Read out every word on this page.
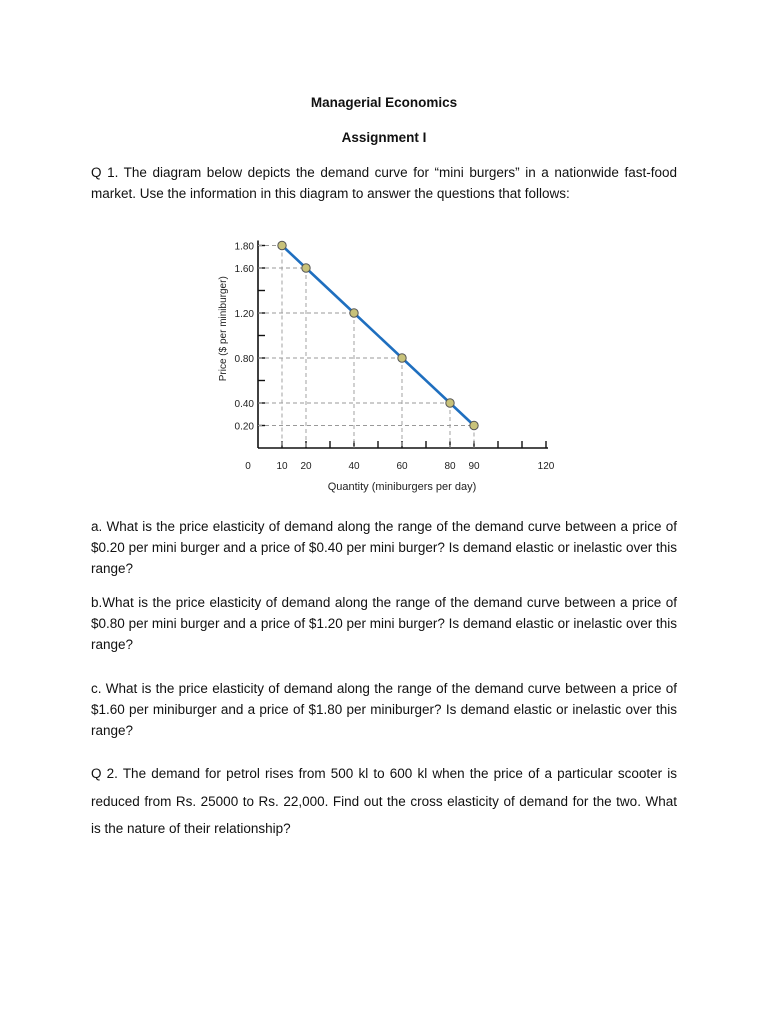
Managerial Economics
Assignment I
Q 1. The diagram below depicts the demand curve for “mini burgers” in a nationwide fast-food market. Use the information in this diagram to answer the questions that follows:
0.20
0.40
0.80
1.20
1.60
1.80
0	10 20	40	60	80 90	120
Quantity (miniburgers per day)
Price ($ per miniburger)
a. What is the price elasticity of demand along the range of the demand curve between a price of $0.20 per mini burger and a price of $0.40 per mini burger? Is demand elastic or inelastic over this range?
b.What is the price elasticity of demand along the range of the demand curve between a price of $0.80 per mini burger and a price of $1.20 per mini burger? Is demand elastic or inelastic over this range?
c. What is the price elasticity of demand along the range of the demand curve between a price of $1.60 per miniburger and a price of $1.80 per miniburger? Is demand elastic or inelastic over this range?
Q 2. The demand for petrol rises from 500 kl to 600 kl when the price of a particular scooter is reduced from Rs. 25000 to Rs. 22,000. Find out the cross elasticity of demand for the two. What is the nature of their relationship?
